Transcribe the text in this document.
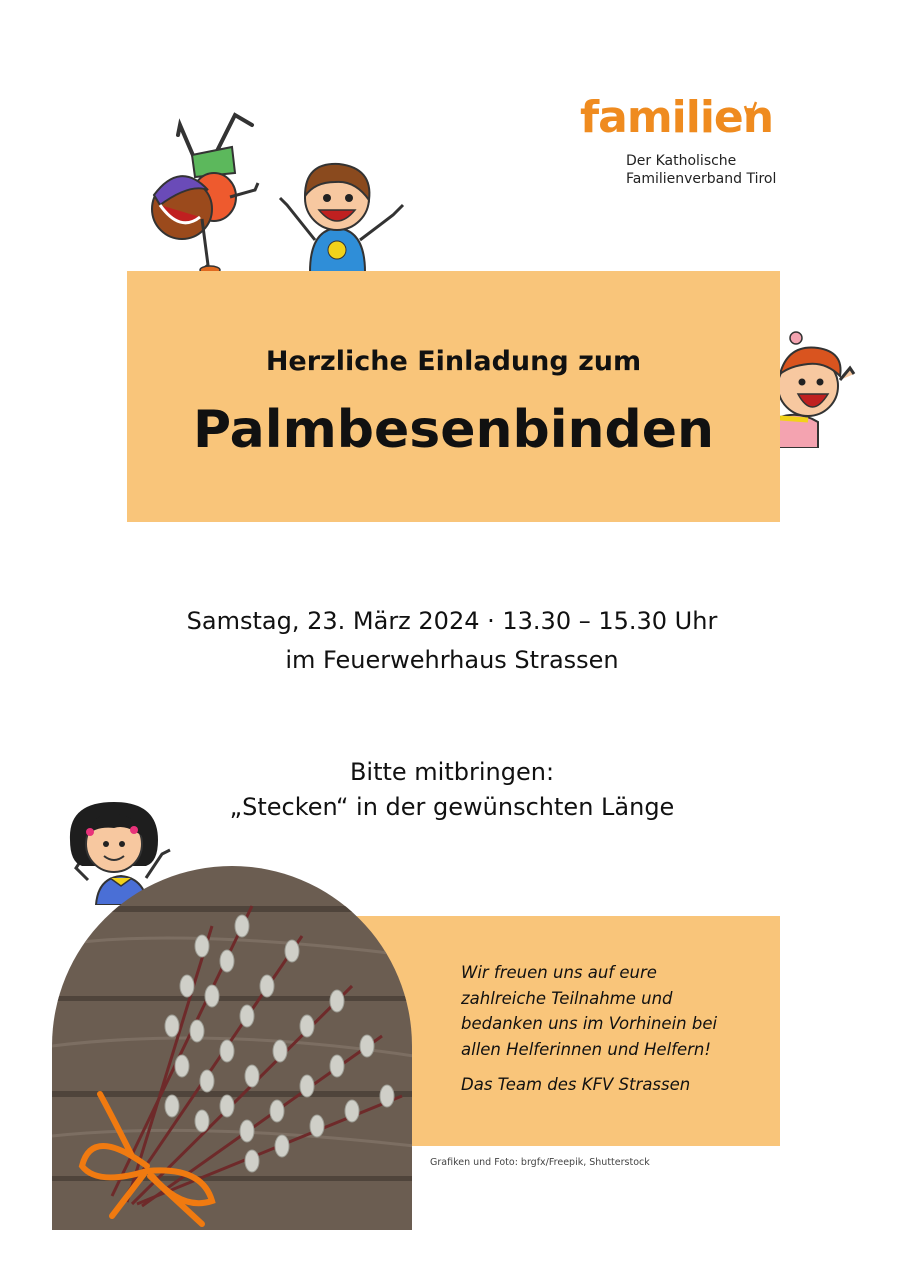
familien
Der Katholische
Familienverband Tirol
Herzliche Einladung zum
Palmbesenbinden
Samstag, 23. März 2024 · 13.30 – 15.30 Uhr
im Feuerwehrhaus Strassen
Bitte mitbringen:
„Stecken“ in der gewünschten Länge
Wir freuen uns auf eure
zahlreiche Teilnahme und
bedanken uns im Vorhinein bei
allen Helferinnen und Helfern!
Das Team des KFV Strassen
Grafiken und Foto: brgfx/Freepik, Shutterstock
